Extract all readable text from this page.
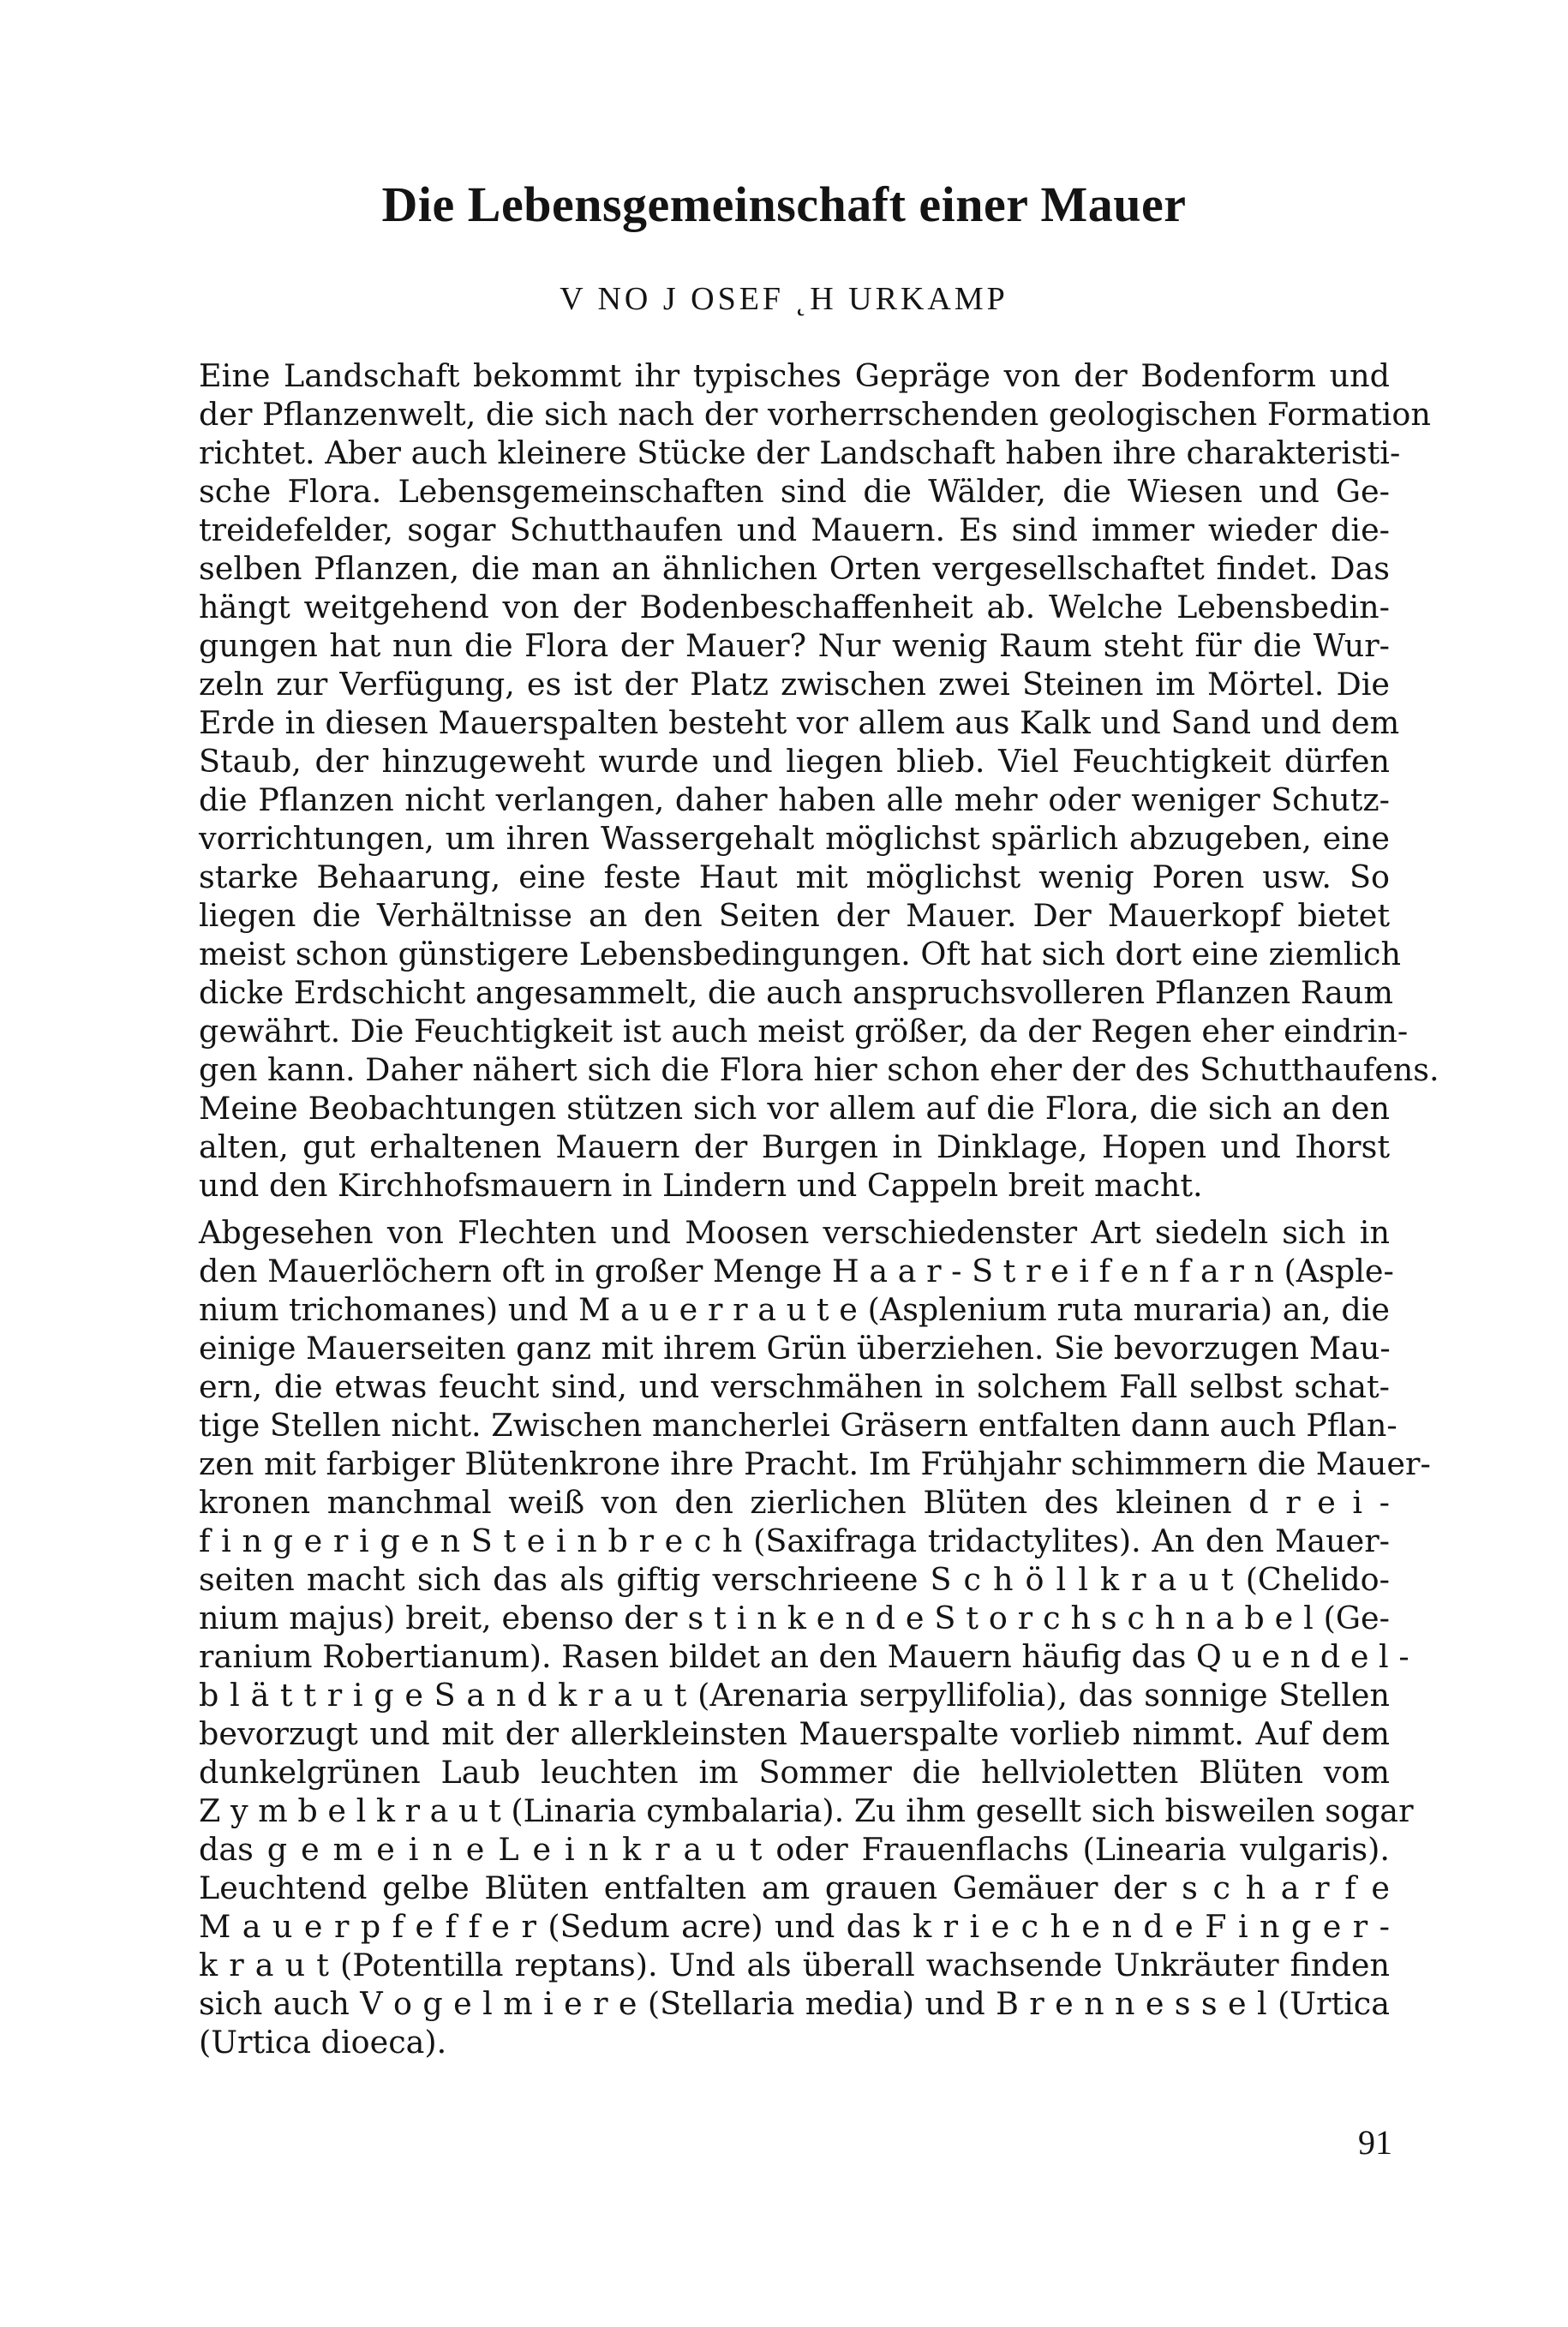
Die Lebensgemeinschaft einer Mauer
V NO J OSEF ˛H URKAMP
Eine Landschaft bekommt ihr typisches Gepräge von der Bodenform und
der Pflanzenwelt, die sich nach der vorherrschenden geologischen Formation
richtet. Aber auch kleinere Stücke der Landschaft haben ihre charakteristi-
sche Flora. Lebensgemeinschaften sind die Wälder, die Wiesen und Ge-
treidefelder, sogar Schutthaufen und Mauern. Es sind immer wieder die-
selben Pflanzen, die man an ähnlichen Orten vergesellschaftet findet. Das
hängt weitgehend von der Bodenbeschaffenheit ab. Welche Lebensbedin-
gungen hat nun die Flora der Mauer? Nur wenig Raum steht für die Wur-
zeln zur Verfügung, es ist der Platz zwischen zwei Steinen im Mörtel. Die
Erde in diesen Mauerspalten besteht vor allem aus Kalk und Sand und dem
Staub, der hinzugeweht wurde und liegen blieb. Viel Feuchtigkeit dürfen
die Pflanzen nicht verlangen, daher haben alle mehr oder weniger Schutz-
vorrichtungen, um ihren Wassergehalt möglichst spärlich abzugeben, eine
starke Behaarung, eine feste Haut mit möglichst wenig Poren usw. So
liegen die Verhältnisse an den Seiten der Mauer. Der Mauerkopf bietet
meist schon günstigere Lebensbedingungen. Oft hat sich dort eine ziemlich
dicke Erdschicht angesammelt, die auch anspruchsvolleren Pflanzen Raum
gewährt. Die Feuchtigkeit ist auch meist größer, da der Regen eher eindrin-
gen kann. Daher nähert sich die Flora hier schon eher der des Schutthaufens.
Meine Beobachtungen stützen sich vor allem auf die Flora, die sich an den
alten, gut erhaltenen Mauern der Burgen in Dinklage, Hopen und Ihorst
und den Kirchhofsmauern in Lindern und Cappeln breit macht.
Abgesehen von Flechten und Moosen verschiedenster Art siedeln sich in
den Mauerlöchern oft in großer Menge H a a r - S t r e i f e n f a r n (Asple-
nium trichomanes) und M a u e r r a u t e (Asplenium ruta muraria) an, die
einige Mauerseiten ganz mit ihrem Grün überziehen. Sie bevorzugen Mau-
ern, die etwas feucht sind, und verschmähen in solchem Fall selbst schat-
tige Stellen nicht. Zwischen mancherlei Gräsern entfalten dann auch Pflan-
zen mit farbiger Blütenkrone ihre Pracht. Im Frühjahr schimmern die Mauer-
kronen manchmal weiß von den zierlichen Blüten des kleinen d r e i -
f i n g e r i g e n S t e i n b r e c h (Saxifraga tridactylites). An den Mauer-
seiten macht sich das als giftig verschrieene S c h ö l l k r a u t (Chelido-
nium majus) breit, ebenso der s t i n k e n d e S t o r c h s c h n a b e l (Ge-
ranium Robertianum). Rasen bildet an den Mauern häufig das Q u e n d e l -
b l ä t t r i g e S a n d k r a u t (Arenaria serpyllifolia), das sonnige Stellen
bevorzugt und mit der allerkleinsten Mauerspalte vorlieb nimmt. Auf dem
dunkelgrünen Laub leuchten im Sommer die hellvioletten Blüten vom
Z y m b e l k r a u t (Linaria cymbalaria). Zu ihm gesellt sich bisweilen sogar
das g e m e i n e L e i n k r a u t oder Frauenflachs (Linearia vulgaris).
Leuchtend gelbe Blüten entfalten am grauen Gemäuer der s c h a r f e
M a u e r p f e f f e r (Sedum acre) und das k r i e c h e n d e F i n g e r -
k r a u t (Potentilla reptans). Und als überall wachsende Unkräuter finden
sich auch V o g e l m i e r e (Stellaria media) und B r e n n e s s e l (Urtica
(Urtica dioeca).
91
